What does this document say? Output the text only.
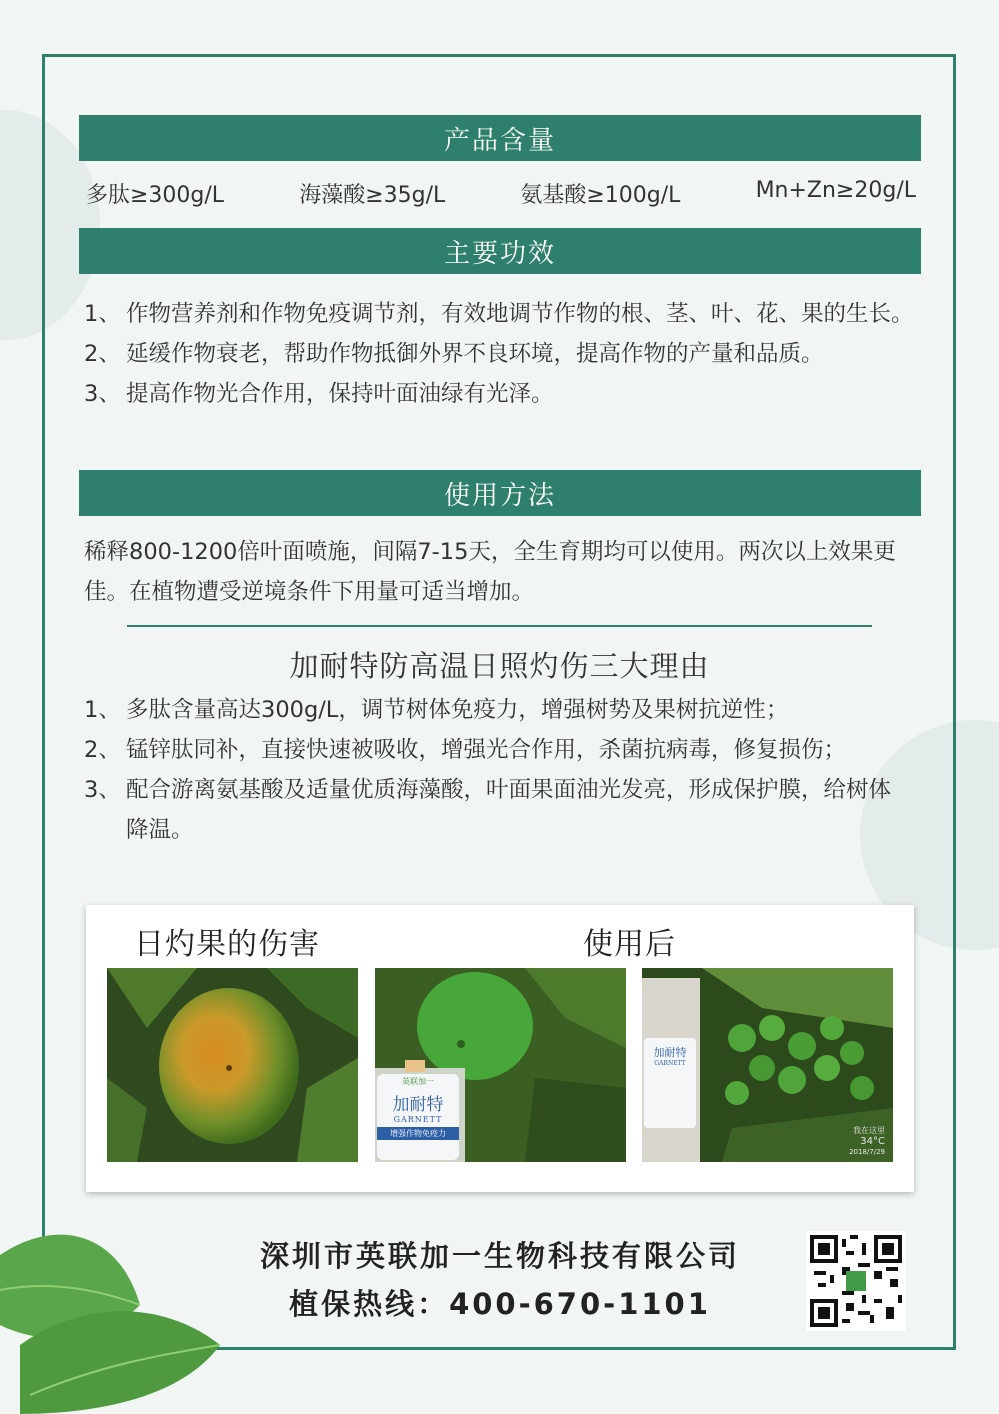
产品含量
多肽≥300g/L	海藻酸≥35g/L	氨基酸≥100g/L	Mn+Zn≥20g/L
主要功效
1、 作物营养剂和作物免疫调节剂，有效地调节作物的根、茎、叶、花、果的生长。
2、 延缓作物衰老，帮助作物抵御外界不良环境，提高作物的产量和品质。
3、 提高作物光合作用，保持叶面油绿有光泽。
使用方法
稀释800-1200倍叶面喷施，间隔7-15天，全生育期均可以使用。两次以上效果更佳。在植物遭受逆境条件下用量可适当增加。
加耐特防高温日照灼伤三大理由
1、 多肽含量高达300g/L，调节树体免疫力，增强树势及果树抗逆性；
2、 锰锌肽同补，直接快速被吸收，增强光合作用，杀菌抗病毒，修复损伤；
3、 配合游离氨基酸及适量优质海藻酸，叶面果面油光发亮，形成保护膜，给树体降温。
日灼果的伤害	使用后
英联加一
加耐特
GARNETT
增强作物免疫力
加耐特
GARNETT
我在这里
34°C
2018/7/29
深圳市英联加一生物科技有限公司
植保热线：400-670-1101
